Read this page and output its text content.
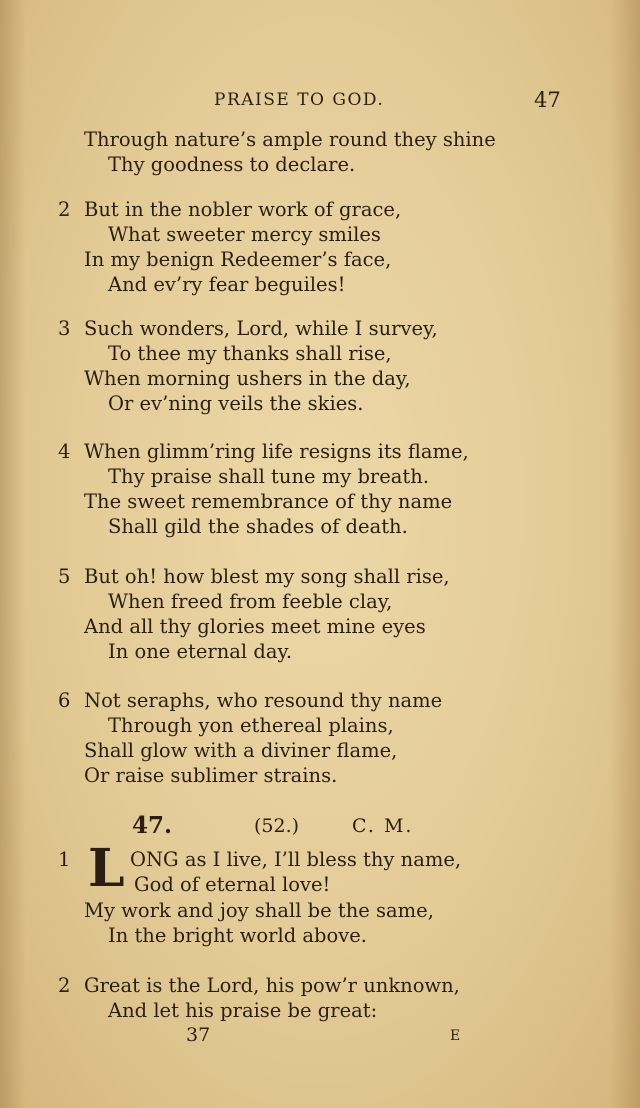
PRAISE TO GOD.	47
Through nature’s ample round they shine
Thy goodness to declare.
2 But in the nobler work of grace,
What sweeter mercy smiles
In my benign Redeemer’s face,
And ev’ry fear beguiles!
3 Such wonders, Lord, while I survey,
To thee my thanks shall rise,
When morning ushers in the day,
Or ev’ning veils the skies.
4 When glimm’ring life resigns its flame,
Thy praise shall tune my breath.
The sweet remembrance of thy name
Shall gild the shades of death.
5 But oh! how blest my song shall rise,
When freed from feeble clay,
And all thy glories meet mine eyes
In one eternal day.
6 Not seraphs, who resound thy name
Through yon ethereal plains,
Shall glow with a diviner flame,
Or raise sublimer strains.
47.	(52.)	C. M.
1 L ONG as I live, I’ll bless thy name,
God of eternal love!
My work and joy shall be the same,
In the bright world above.
2 Great is the Lord, his pow’r unknown,
And let his praise be great:
37	E
